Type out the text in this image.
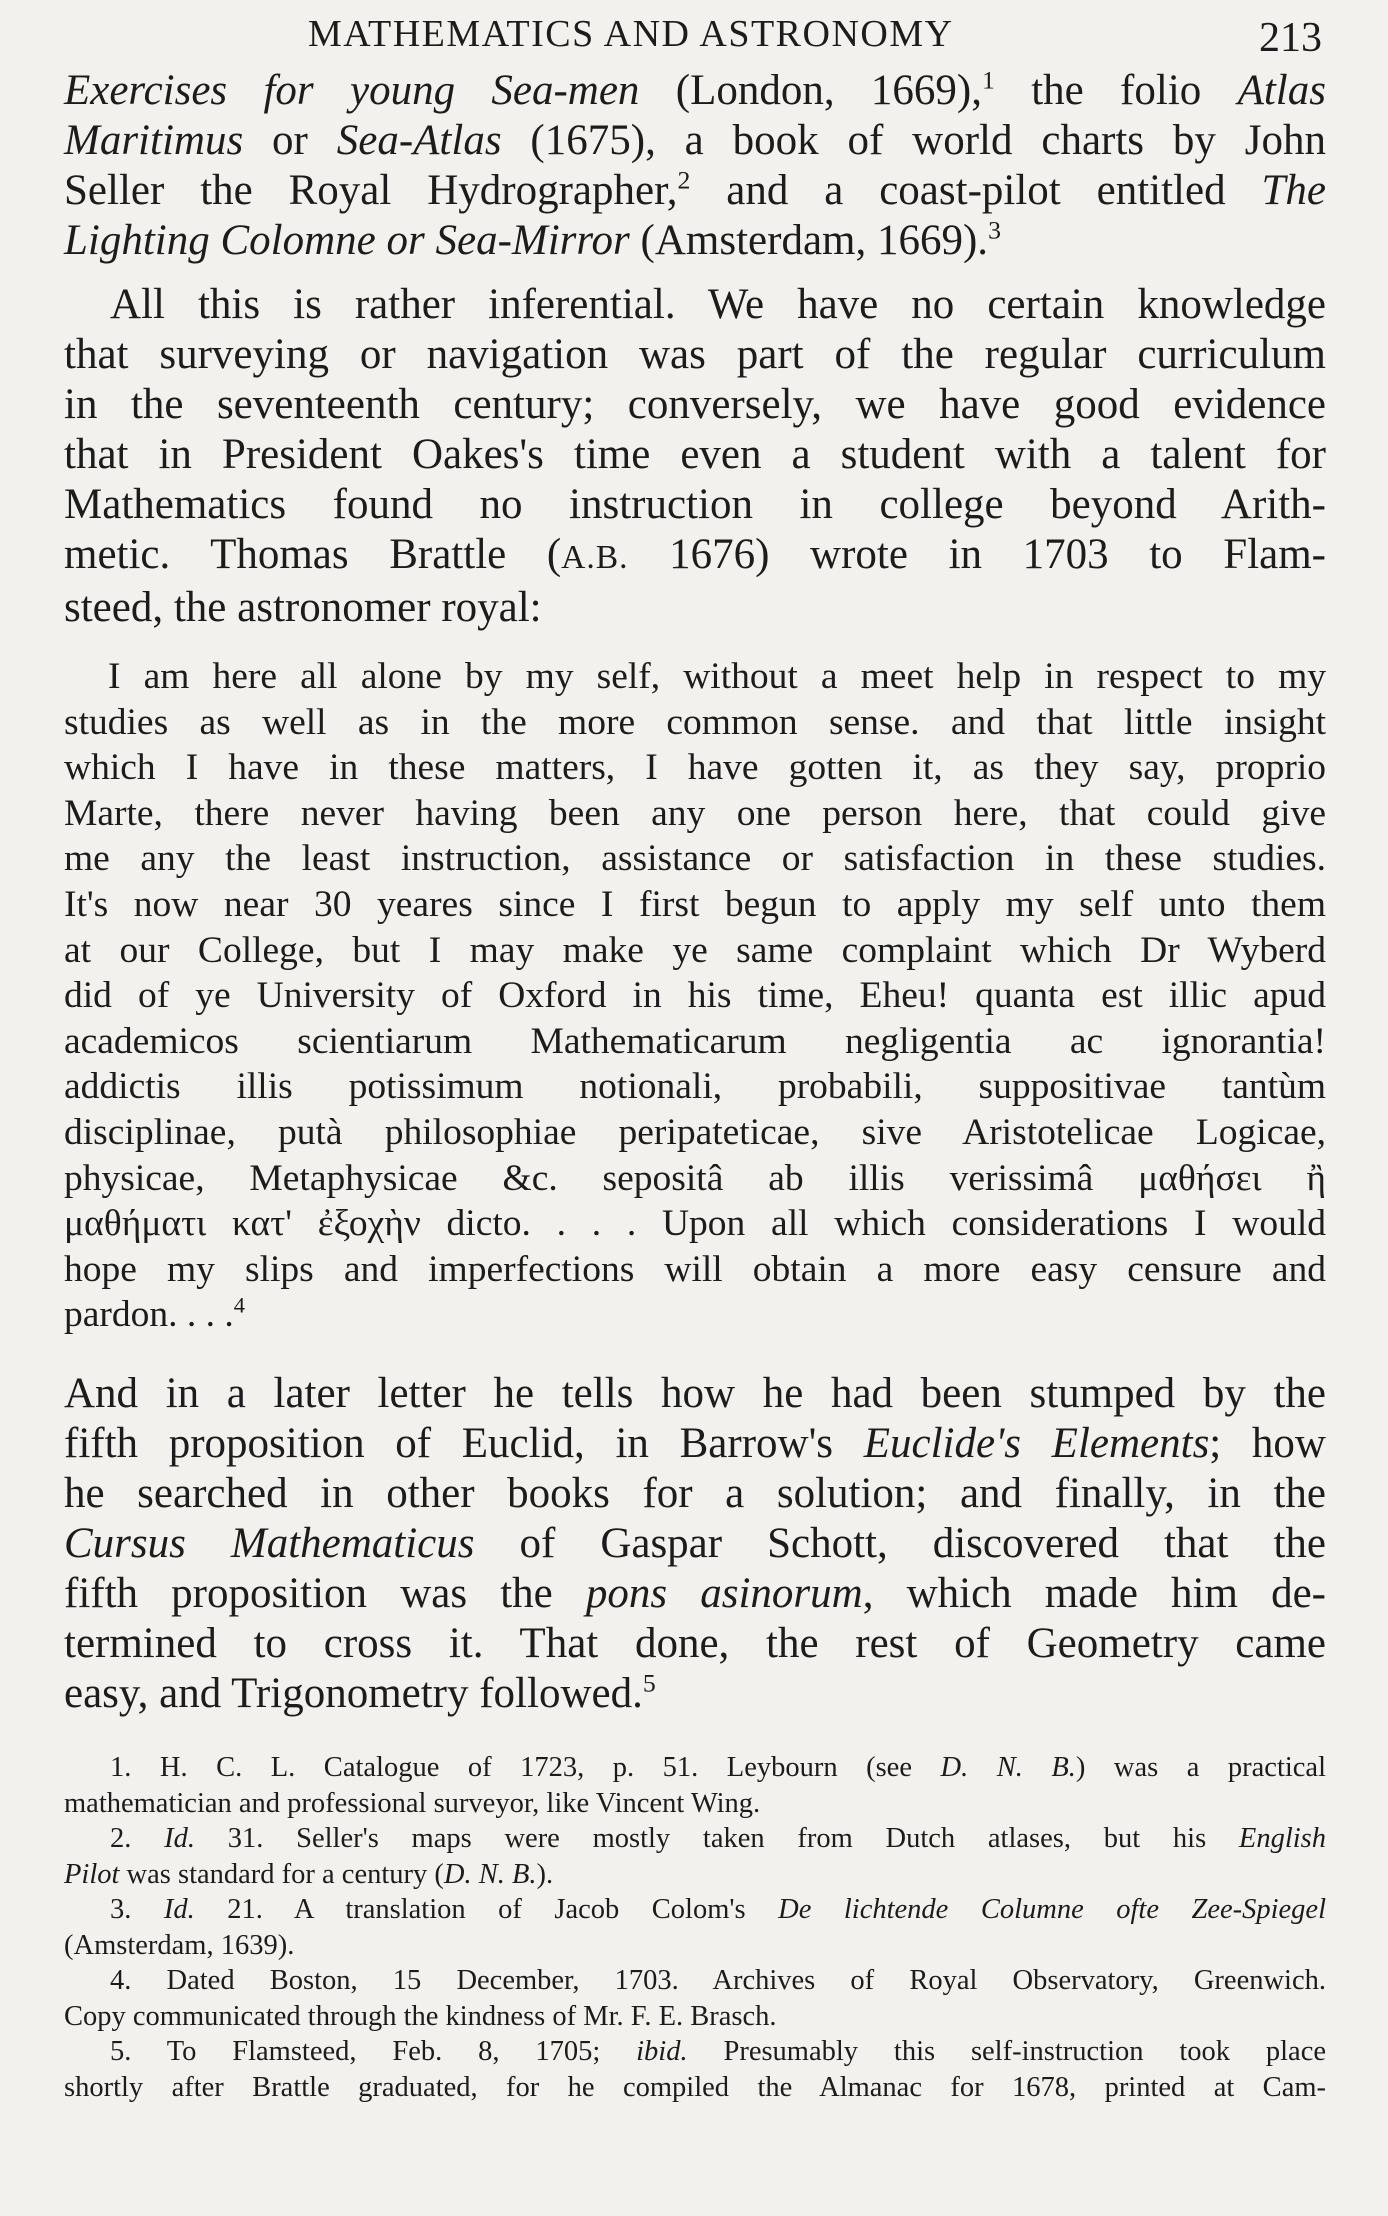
MATHEMATICS AND ASTRONOMY	213
Exercises for young Sea-men (London, 1669),$^1$ the folio Atlas
Maritimus or Sea-Atlas (1675), a book of world charts by John
Seller the Royal Hydrographer,$^2$ and a coast-pilot entitled The
Lighting Colomne or Sea-Mirror (Amsterdam, 1669).$^3$
All this is rather inferential. We have no certain knowledge
that surveying or navigation was part of the regular curriculum
in the seventeenth century; conversely, we have good evidence
that in President Oakes's time even a student with a talent for
Mathematics found no instruction in college beyond Arith-
metic. Thomas Brattle (A.B. 1676) wrote in 1703 to Flam-
steed, the astronomer royal:
I am here all alone by my self, without a meet help in respect to my
studies as well as in the more common sense. and that little insight
which I have in these matters, I have gotten it, as they say, proprio
Marte, there never having been any one person here, that could give
me any the least instruction, assistance or satisfaction in these studies.
It's now near 30 yeares since I first begun to apply my self unto them
at our College, but I may make ye same complaint which Dr Wyberd
did of ye University of Oxford in his time, Eheu! quanta est illic apud
academicos scientiarum Mathematicarum negligentia ac ignorantia!
addictis illis potissimum notionali, probabili, suppositivae tantùm
disciplinae, putà philosophiae peripateticae, sive Aristotelicae Logicae,
physicae, Metaphysicae &c. sepositâ ab illis verissimâ μαθήσει ἢ
μαθήματι κατ' ἐξοχὴν dicto. . . . Upon all which considerations I would
hope my slips and imperfections will obtain a more easy censure and
pardon. . . .$^4$
And in a later letter he tells how he had been stumped by the
fifth proposition of Euclid, in Barrow's Euclide's Elements; how
he searched in other books for a solution; and finally, in the
Cursus Mathematicus of Gaspar Schott, discovered that the
fifth proposition was the pons asinorum, which made him de-
termined to cross it. That done, the rest of Geometry came
easy, and Trigonometry followed.$^5$
1. H. C. L. Catalogue of 1723, p. 51. Leybourn (see D. N. B.) was a practical
mathematician and professional surveyor, like Vincent Wing.
2. Id. 31. Seller's maps were mostly taken from Dutch atlases, but his English
Pilot was standard for a century (D. N. B.).
3. Id. 21. A translation of Jacob Colom's De lichtende Columne ofte Zee-Spiegel
(Amsterdam, 1639).
4. Dated Boston, 15 December, 1703. Archives of Royal Observatory, Greenwich.
Copy communicated through the kindness of Mr. F. E. Brasch.
5. To Flamsteed, Feb. 8, 1705; ibid. Presumably this self-instruction took place
shortly after Brattle graduated, for he compiled the Almanac for 1678, printed at Cam-
